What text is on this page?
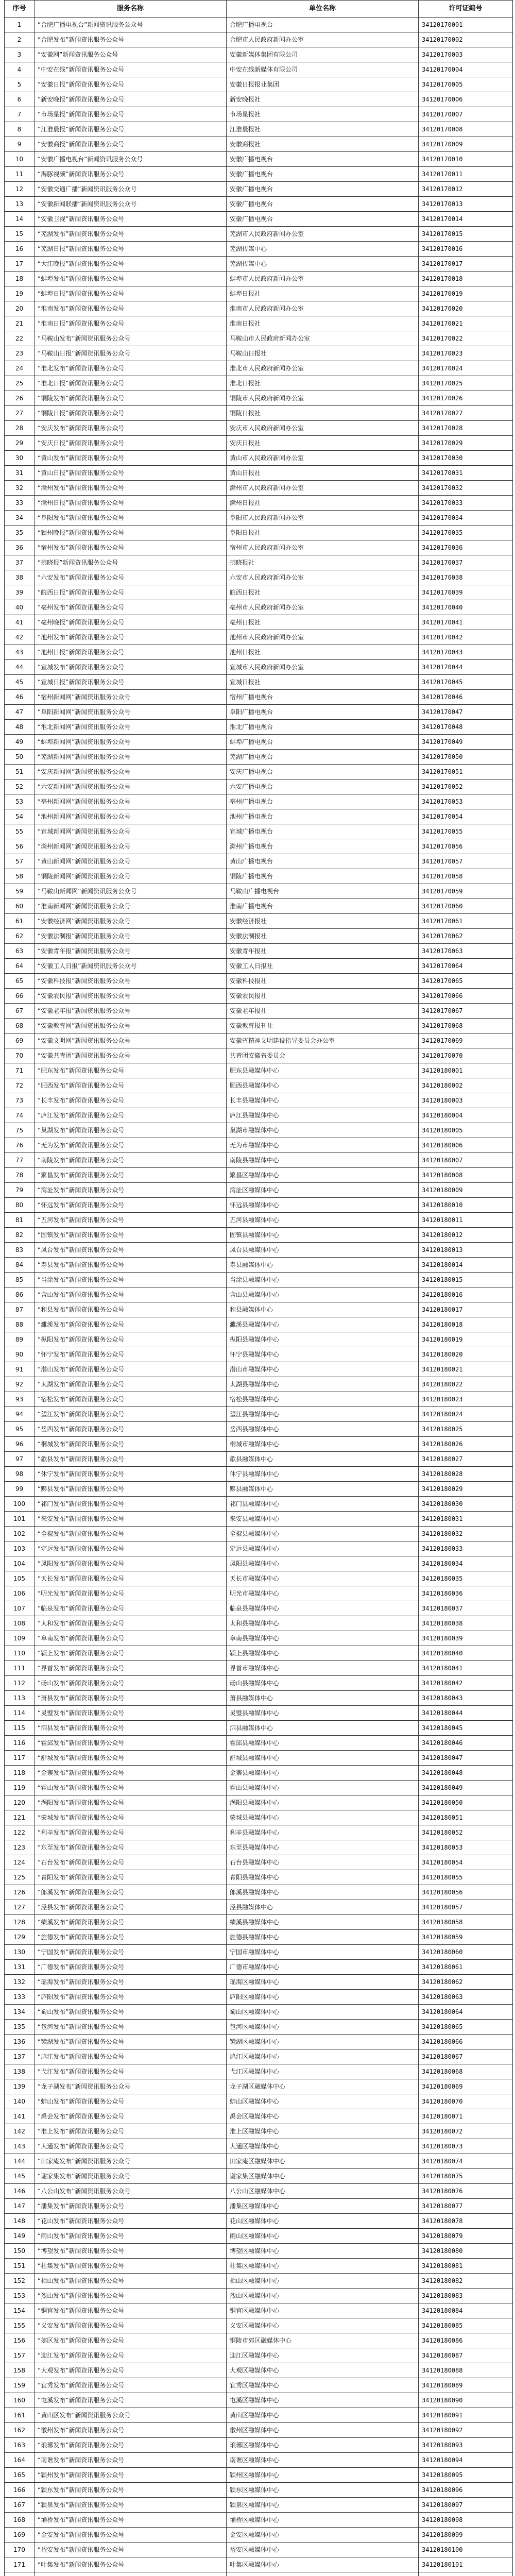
序号	服务名称	单位名称	许可证编号
1	“合肥广播电视台”新闻资讯服务公众号	合肥广播电视台	34120170001
2	“合肥发布”新闻资讯服务公众号	合肥市人民政府新闻办公室	34120170002
3	“安徽网”新闻资讯服务公众号	安徽新媒体集团有限公司	34120170003
4	“中安在线”新闻资讯服务公众号	中安在线新媒体有限公司	34120170004
5	“安徽日报”新闻资讯服务公众号	安徽日报报业集团	34120170005
6	“新安晚报”新闻资讯服务公众号	新安晚报社	34120170006
7	“市场星报”新闻资讯服务公众号	市场星报社	34120170007
8	“江淮晨报”新闻资讯服务公众号	江淮晨报社	34120170008
9	“安徽商报”新闻资讯服务公众号	安徽商报社	34120170009
10	“安徽广播电视台”新闻资讯服务公众号	安徽广播电视台	34120170010
11	“海豚视频”新闻资讯服务公众号	安徽广播电视台	34120170011
12	“安徽交通广播”新闻资讯服务公众号	安徽广播电视台	34120170012
13	“安徽新闻联播”新闻资讯服务公众号	安徽广播电视台	34120170013
14	“安徽卫视”新闻资讯服务公众号	安徽广播电视台	34120170014
15	“芜湖发布”新闻资讯服务公众号	芜湖市人民政府新闻办公室	34120170015
16	“芜湖日报”新闻资讯服务公众号	芜湖传媒中心	34120170016
17	“大江晚报”新闻资讯服务公众号	芜湖传媒中心	34120170017
18	“蚌埠发布”新闻资讯服务公众号	蚌埠市人民政府新闻办公室	34120170018
19	“蚌埠日报”新闻资讯服务公众号	蚌埠日报社	34120170019
20	“淮南发布”新闻资讯服务公众号	淮南市人民政府新闻办公室	34120170020
21	“淮南日报”新闻资讯服务公众号	淮南日报社	34120170021
22	“马鞍山发布”新闻资讯服务公众号	马鞍山市人民政府新闻办公室	34120170022
23	“马鞍山日报”新闻资讯服务公众号	马鞍山日报社	34120170023
24	“淮北发布”新闻资讯服务公众号	淮北市人民政府新闻办公室	34120170024
25	“淮北日报”新闻资讯服务公众号	淮北日报社	34120170025
26	“铜陵发布”新闻资讯服务公众号	铜陵市人民政府新闻办公室	34120170026
27	“铜陵日报”新闻资讯服务公众号	铜陵日报社	34120170027
28	“安庆发布”新闻资讯服务公众号	安庆市人民政府新闻办公室	34120170028
29	“安庆日报”新闻资讯服务公众号	安庆日报社	34120170029
30	“黄山发布”新闻资讯服务公众号	黄山市人民政府新闻办公室	34120170030
31	“黄山日报”新闻资讯服务公众号	黄山日报社	34120170031
32	“滁州发布”新闻资讯服务公众号	滁州市人民政府新闻办公室	34120170032
33	“滁州日报”新闻资讯服务公众号	滁州日报社	34120170033
34	“阜阳发布”新闻资讯服务公众号	阜阳市人民政府新闻办公室	34120170034
35	“颍州晚报”新闻资讯服务公众号	阜阳日报社	34120170035
36	“宿州发布”新闻资讯服务公众号	宿州市人民政府新闻办公室	34120170036
37	“拂晓报”新闻资讯服务公众号	拂晓报社	34120170037
38	“六安发布”新闻资讯服务公众号	六安市人民政府新闻办公室	34120170038
39	“皖西日报”新闻资讯服务公众号	皖西日报社	34120170039
40	“亳州发布”新闻资讯服务公众号	亳州市人民政府新闻办公室	34120170040
41	“亳州晚报”新闻资讯服务公众号	亳州日报社	34120170041
42	“池州发布”新闻资讯服务公众号	池州市人民政府新闻办公室	34120170042
43	“池州日报”新闻资讯服务公众号	池州日报社	34120170043
44	“宣城发布”新闻资讯服务公众号	宣城市人民政府新闻办公室	34120170044
45	“宣城日报”新闻资讯服务公众号	宣城日报社	34120170045
46	“宿州新闻网”新闻资讯服务公众号	宿州广播电视台	34120170046
47	“阜阳新闻网”新闻资讯服务公众号	阜阳广播电视台	34120170047
48	“淮北新闻网”新闻资讯服务公众号	淮北广播电视台	34120170048
49	“蚌埠新闻网”新闻资讯服务公众号	蚌埠广播电视台	34120170049
50	“芜湖新闻网”新闻资讯服务公众号	芜湖广播电视台	34120170050
51	“安庆新闻网”新闻资讯服务公众号	安庆广播电视台	34120170051
52	“六安新闻网”新闻资讯服务公众号	六安广播电视台	34120170052
53	“亳州新闻网”新闻资讯服务公众号	亳州广播电视台	34120170053
54	“池州新闻网”新闻资讯服务公众号	池州广播电视台	34120170054
55	“宣城新闻网”新闻资讯服务公众号	宣城广播电视台	34120170055
56	“滁州新闻网”新闻资讯服务公众号	滁州广播电视台	34120170056
57	“黄山新闻网”新闻资讯服务公众号	黄山广播电视台	34120170057
58	“铜陵新闻网”新闻资讯服务公众号	铜陵广播电视台	34120170058
59	“马鞍山新闻网”新闻资讯服务公众号	马鞍山广播电视台	34120170059
60	“淮南新闻网”新闻资讯服务公众号	淮南广播电视台	34120170060
61	“安徽经济网”新闻资讯服务公众号	安徽经济报社	34120170061
62	“安徽法制报”新闻资讯服务公众号	安徽法制报社	34120170062
63	“安徽青年报”新闻资讯服务公众号	安徽青年报社	34120170063
64	“安徽工人日报”新闻资讯服务公众号	安徽工人日报社	34120170064
65	“安徽科技报”新闻资讯服务公众号	安徽科技报社	34120170065
66	“安徽农民报”新闻资讯服务公众号	安徽农民报社	34120170066
67	“安徽老年报”新闻资讯服务公众号	安徽老年报社	34120170067
68	“安徽教育网”新闻资讯服务公众号	安徽教育报刊社	34120170068
69	“安徽文明网”新闻资讯服务公众号	安徽省精神文明建设指导委员会办公室	34120170069
70	“安徽共青团”新闻资讯服务公众号	共青团安徽省委员会	34120170070
71	“肥东发布”新闻资讯服务公众号	肥东县融媒体中心	34120180001
72	“肥西发布”新闻资讯服务公众号	肥西县融媒体中心	34120180002
73	“长丰发布”新闻资讯服务公众号	长丰县融媒体中心	34120180003
74	“庐江发布”新闻资讯服务公众号	庐江县融媒体中心	34120180004
75	“巢湖发布”新闻资讯服务公众号	巢湖市融媒体中心	34120180005
76	“无为发布”新闻资讯服务公众号	无为市融媒体中心	34120180006
77	“南陵发布”新闻资讯服务公众号	南陵县融媒体中心	34120180007
78	“繁昌发布”新闻资讯服务公众号	繁昌区融媒体中心	34120180008
79	“湾沚发布”新闻资讯服务公众号	湾沚区融媒体中心	34120180009
80	“怀远发布”新闻资讯服务公众号	怀远县融媒体中心	34120180010
81	“五河发布”新闻资讯服务公众号	五河县融媒体中心	34120180011
82	“固镇发布”新闻资讯服务公众号	固镇县融媒体中心	34120180012
83	“凤台发布”新闻资讯服务公众号	凤台县融媒体中心	34120180013
84	“寿县发布”新闻资讯服务公众号	寿县融媒体中心	34120180014
85	“当涂发布”新闻资讯服务公众号	当涂县融媒体中心	34120180015
86	“含山发布”新闻资讯服务公众号	含山县融媒体中心	34120180016
87	“和县发布”新闻资讯服务公众号	和县融媒体中心	34120180017
88	“濉溪发布”新闻资讯服务公众号	濉溪县融媒体中心	34120180018
89	“枞阳发布”新闻资讯服务公众号	枞阳县融媒体中心	34120180019
90	“怀宁发布”新闻资讯服务公众号	怀宁县融媒体中心	34120180020
91	“潜山发布”新闻资讯服务公众号	潜山市融媒体中心	34120180021
92	“太湖发布”新闻资讯服务公众号	太湖县融媒体中心	34120180022
93	“宿松发布”新闻资讯服务公众号	宿松县融媒体中心	34120180023
94	“望江发布”新闻资讯服务公众号	望江县融媒体中心	34120180024
95	“岳西发布”新闻资讯服务公众号	岳西县融媒体中心	34120180025
96	“桐城发布”新闻资讯服务公众号	桐城市融媒体中心	34120180026
97	“歙县发布”新闻资讯服务公众号	歙县融媒体中心	34120180027
98	“休宁发布”新闻资讯服务公众号	休宁县融媒体中心	34120180028
99	“黟县发布”新闻资讯服务公众号	黟县融媒体中心	34120180029
100	“祁门发布”新闻资讯服务公众号	祁门县融媒体中心	34120180030
101	“来安发布”新闻资讯服务公众号	来安县融媒体中心	34120180031
102	“全椒发布”新闻资讯服务公众号	全椒县融媒体中心	34120180032
103	“定远发布”新闻资讯服务公众号	定远县融媒体中心	34120180033
104	“凤阳发布”新闻资讯服务公众号	凤阳县融媒体中心	34120180034
105	“天长发布”新闻资讯服务公众号	天长市融媒体中心	34120180035
106	“明光发布”新闻资讯服务公众号	明光市融媒体中心	34120180036
107	“临泉发布”新闻资讯服务公众号	临泉县融媒体中心	34120180037
108	“太和发布”新闻资讯服务公众号	太和县融媒体中心	34120180038
109	“阜南发布”新闻资讯服务公众号	阜南县融媒体中心	34120180039
110	“颍上发布”新闻资讯服务公众号	颍上县融媒体中心	34120180040
111	“界首发布”新闻资讯服务公众号	界首市融媒体中心	34120180041
112	“砀山发布”新闻资讯服务公众号	砀山县融媒体中心	34120180042
113	“萧县发布”新闻资讯服务公众号	萧县融媒体中心	34120180043
114	“灵璧发布”新闻资讯服务公众号	灵璧县融媒体中心	34120180044
115	“泗县发布”新闻资讯服务公众号	泗县融媒体中心	34120180045
116	“霍邱发布”新闻资讯服务公众号	霍邱县融媒体中心	34120180046
117	“舒城发布”新闻资讯服务公众号	舒城县融媒体中心	34120180047
118	“金寨发布”新闻资讯服务公众号	金寨县融媒体中心	34120180048
119	“霍山发布”新闻资讯服务公众号	霍山县融媒体中心	34120180049
120	“涡阳发布”新闻资讯服务公众号	涡阳县融媒体中心	34120180050
121	“蒙城发布”新闻资讯服务公众号	蒙城县融媒体中心	34120180051
122	“利辛发布”新闻资讯服务公众号	利辛县融媒体中心	34120180052
123	“东至发布”新闻资讯服务公众号	东至县融媒体中心	34120180053
124	“石台发布”新闻资讯服务公众号	石台县融媒体中心	34120180054
125	“青阳发布”新闻资讯服务公众号	青阳县融媒体中心	34120180055
126	“郎溪发布”新闻资讯服务公众号	郎溪县融媒体中心	34120180056
127	“泾县发布”新闻资讯服务公众号	泾县融媒体中心	34120180057
128	“绩溪发布”新闻资讯服务公众号	绩溪县融媒体中心	34120180058
129	“旌德发布”新闻资讯服务公众号	旌德县融媒体中心	34120180059
130	“宁国发布”新闻资讯服务公众号	宁国市融媒体中心	34120180060
131	“广德发布”新闻资讯服务公众号	广德市融媒体中心	34120180061
132	“瑶海发布”新闻资讯服务公众号	瑶海区融媒体中心	34120180062
133	“庐阳发布”新闻资讯服务公众号	庐阳区融媒体中心	34120180063
134	“蜀山发布”新闻资讯服务公众号	蜀山区融媒体中心	34120180064
135	“包河发布”新闻资讯服务公众号	包河区融媒体中心	34120180065
136	“镜湖发布”新闻资讯服务公众号	镜湖区融媒体中心	34120180066
137	“鸠江发布”新闻资讯服务公众号	鸠江区融媒体中心	34120180067
138	“弋江发布”新闻资讯服务公众号	弋江区融媒体中心	34120180068
139	“龙子湖发布”新闻资讯服务公众号	龙子湖区融媒体中心	34120180069
140	“蚌山发布”新闻资讯服务公众号	蚌山区融媒体中心	34120180070
141	“禹会发布”新闻资讯服务公众号	禹会区融媒体中心	34120180071
142	“淮上发布”新闻资讯服务公众号	淮上区融媒体中心	34120180072
143	“大通发布”新闻资讯服务公众号	大通区融媒体中心	34120180073
144	“田家庵发布”新闻资讯服务公众号	田家庵区融媒体中心	34120180074
145	“谢家集发布”新闻资讯服务公众号	谢家集区融媒体中心	34120180075
146	“八公山发布”新闻资讯服务公众号	八公山区融媒体中心	34120180076
147	“潘集发布”新闻资讯服务公众号	潘集区融媒体中心	34120180077
148	“花山发布”新闻资讯服务公众号	花山区融媒体中心	34120180078
149	“雨山发布”新闻资讯服务公众号	雨山区融媒体中心	34120180079
150	“博望发布”新闻资讯服务公众号	博望区融媒体中心	34120180080
151	“杜集发布”新闻资讯服务公众号	杜集区融媒体中心	34120180081
152	“相山发布”新闻资讯服务公众号	相山区融媒体中心	34120180082
153	“烈山发布”新闻资讯服务公众号	烈山区融媒体中心	34120180083
154	“铜官发布”新闻资讯服务公众号	铜官区融媒体中心	34120180084
155	“义安发布”新闻资讯服务公众号	义安区融媒体中心	34120180085
156	“郊区发布”新闻资讯服务公众号	铜陵市郊区融媒体中心	34120180086
157	“迎江发布”新闻资讯服务公众号	迎江区融媒体中心	34120180087
158	“大观发布”新闻资讯服务公众号	大观区融媒体中心	34120180088
159	“宜秀发布”新闻资讯服务公众号	宜秀区融媒体中心	34120180089
160	“屯溪发布”新闻资讯服务公众号	屯溪区融媒体中心	34120180090
161	“黄山区发布”新闻资讯服务公众号	黄山区融媒体中心	34120180091
162	“徽州发布”新闻资讯服务公众号	徽州区融媒体中心	34120180092
163	“琅琊发布”新闻资讯服务公众号	琅琊区融媒体中心	34120180093
164	“南谯发布”新闻资讯服务公众号	南谯区融媒体中心	34120180094
165	“颍州发布”新闻资讯服务公众号	颍州区融媒体中心	34120180095
166	“颍东发布”新闻资讯服务公众号	颍东区融媒体中心	34120180096
167	“颍泉发布”新闻资讯服务公众号	颍泉区融媒体中心	34120180097
168	“埇桥发布”新闻资讯服务公众号	埇桥区融媒体中心	34120180098
169	“金安发布”新闻资讯服务公众号	金安区融媒体中心	34120180099
170	“裕安发布”新闻资讯服务公众号	裕安区融媒体中心	34120180100
171	“叶集发布”新闻资讯服务公众号	叶集区融媒体中心	34120180101
